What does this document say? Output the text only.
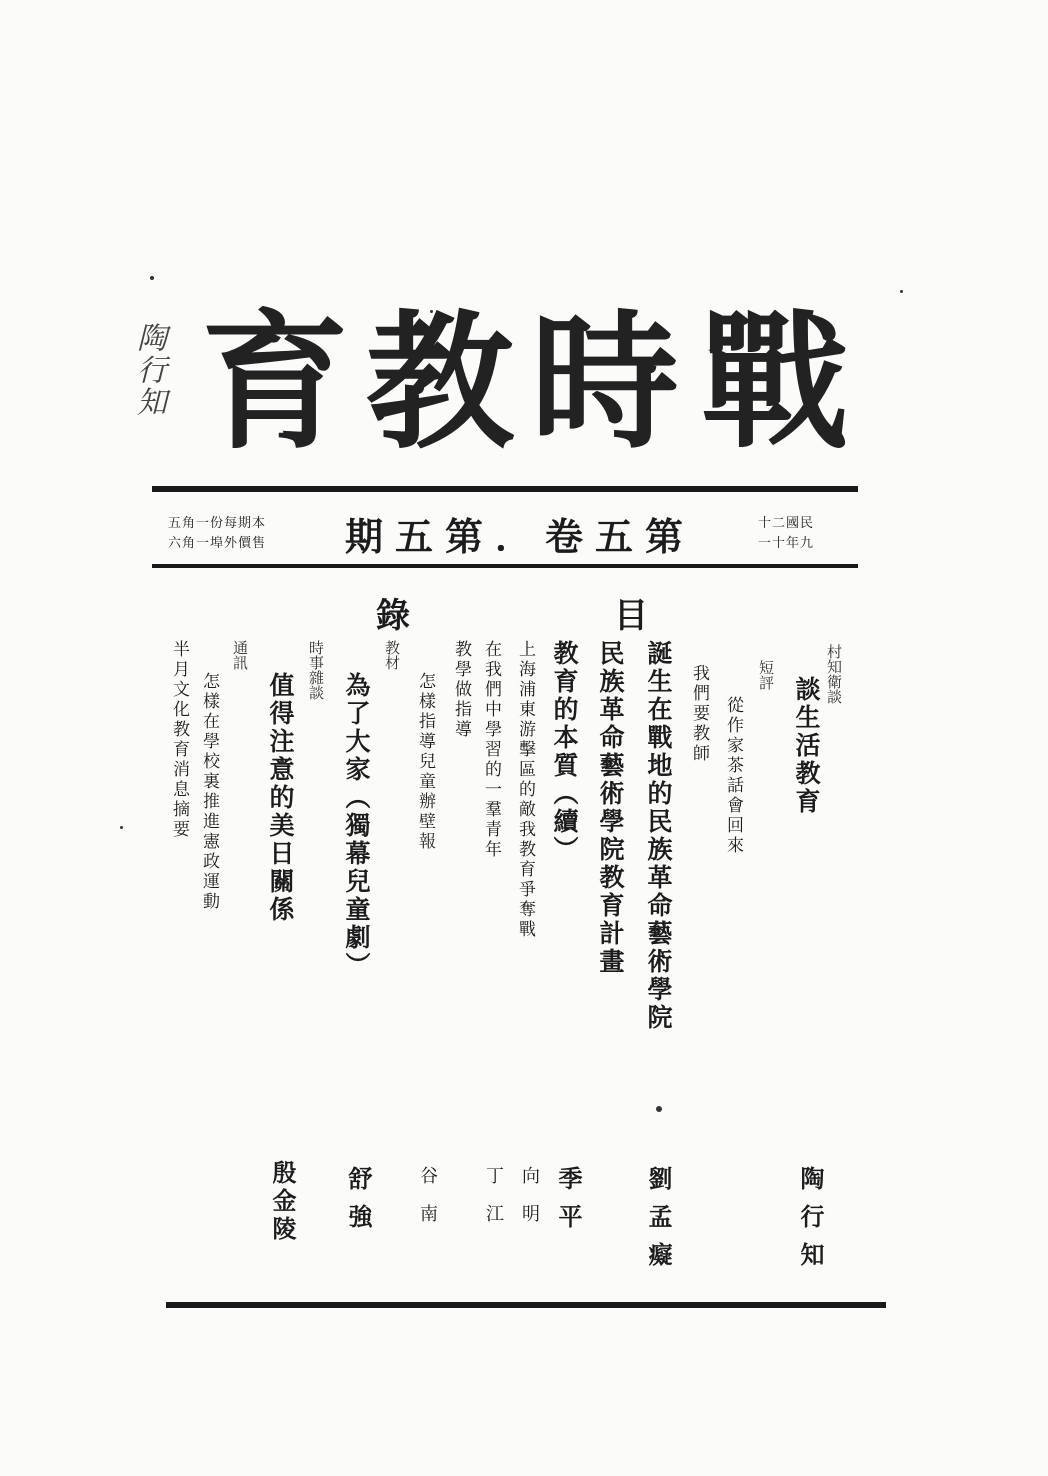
育 教 時 戰
陶行知
民國二十
九年十一
第五卷．第五期
本期每份一角五
售價外埠一角六
目
錄
村知衛談
談生活教育
短評
從作家茶話會回來
我們要教師
誕生在戰地的民族革命藝術學院
民族革命藝術學院教育計畫
教育的本質（續）
上海浦東游擊區的敵我教育爭奪戰
在我們中學習的一羣青年
教學做指導
怎樣指導兒童辦壁報
教材
為了大家（獨幕兒童劇）
時事雜談
值得注意的美日關係
通訊
怎樣在學校裏推進憲政運動
半月文化教育消息摘要
陶行知
劉孟癡
季平
向明
丁江
谷南
舒強
殷金陵
